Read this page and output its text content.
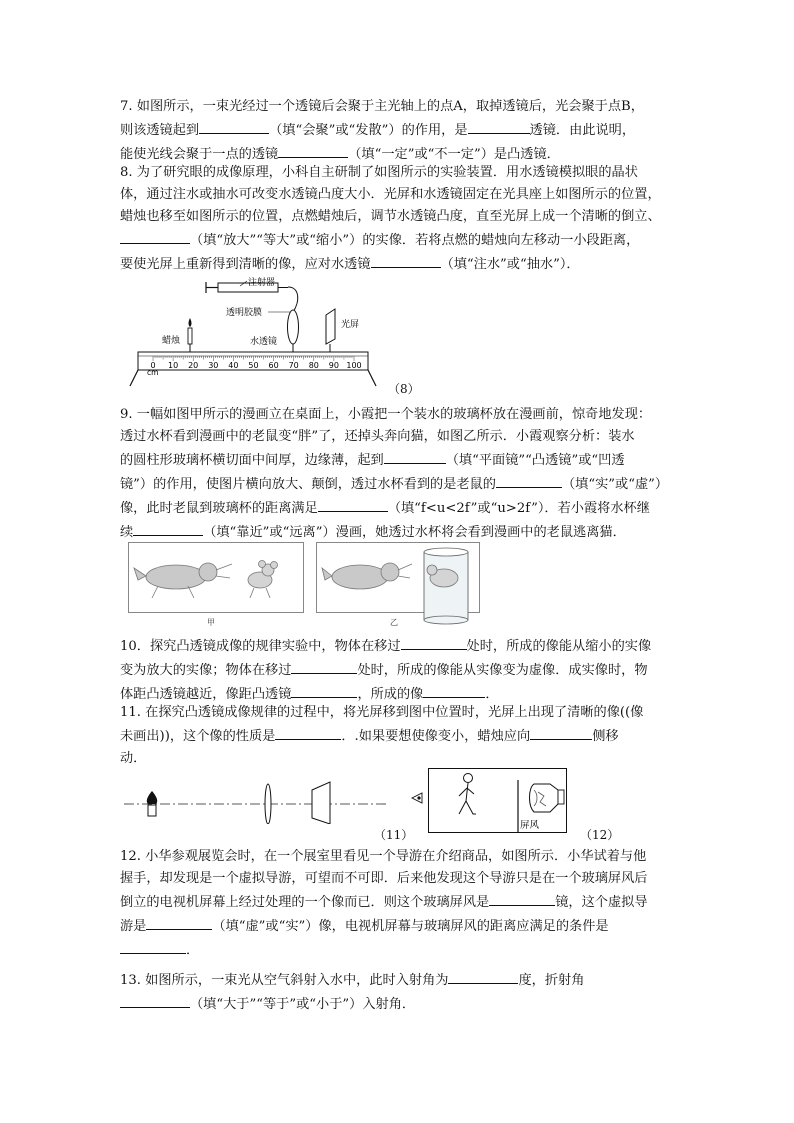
7. 如图所示，一束光经过一个透镜后会聚于主光轴上的点A，取掉透镜后，光会聚于点B，

则该透镜起到	（填“会聚”或“发散”）的作用，是	透镜．由此说明，

能使光线会聚于一点的透镜	（填“一定”或“不一定”）是凸透镜．

8. 为了研究眼的成像原理，小科自主研制了如图所示的实验装置．用水透镜模拟眼的晶状

体，通过注水或抽水可改变水透镜凸度大小．光屏和水透镜固定在光具座上如图所示的位置，

蜡烛也移至如图所示的位置，点燃蜡烛后，调节水透镜凸度，直至光屏上成一个清晰的倒立、

（填“放大”“等大”或“缩小”）的实像．若将点燃的蜡烛向左移动一小段距离，

要使光屏上重新得到清晰的像，应对水透镜	（填“注水”或“抽水”）．

注射器
透明胶膜
水透镜
光屏
蜡烛
0 10 20 30 40 50 60 70 80 90 100
cm
（8）

9. 一幅如图甲所示的漫画立在桌面上，小霞把一个装水的玻璃杯放在漫画前，惊奇地发现：

透过水杯看到漫画中的老鼠变“胖”了，还掉头奔向猫，如图乙所示．小霞观察分析：装水

的圆柱形玻璃杯横切面中间厚，边缘薄，起到	（填“平面镜”“凸透镜”或“凹透

镜”）的作用，使图片横向放大、颠倒，透过水杯看到的是老鼠的	（填“实”或“虚”）

像，此时老鼠到玻璃杯的距离满足	（填“f<u<2f”或“u>2f”）．若小霞将水杯继

续	（填“靠近”或“远离”）漫画，她透过水杯将会看到漫画中的老鼠逃离猫．

甲	乙

10．探究凸透镜成像的规律实验中，物体在移过	处时，所成的像能从缩小的实像

变为放大的实像；物体在移过	处时，所成的像能从实像变为虚像．成实像时，物

体距凸透镜越近，像距凸透镜	，所成的像	．

11. 在探究凸透镜成像规律的过程中，将光屏移到图中位置时，光屏上出现了清晰的像((像

未画出))，这个像的性质是	．.如果要想使像变小，蜡烛应向	侧移

动．

（11）
屏风
（12）

12. 小华参观展览会时，在一个展室里看见一个导游在介绍商品，如图所示．小华试着与他

握手，却发现是一个虚拟导游，可望而不可即．后来他发现这个导游只是在一个玻璃屏风后

倒立的电视机屏幕上经过处理的一个像而已．则这个玻璃屏风是	镜，这个虚拟导

游是	（填“虚”或“实”）像，电视机屏幕与玻璃屏风的距离应满足的条件是

．

13. 如图所示，一束光从空气斜射入水中，此时入射角为	度，折射角

（填“大于”“等于”或“小于”）入射角．
